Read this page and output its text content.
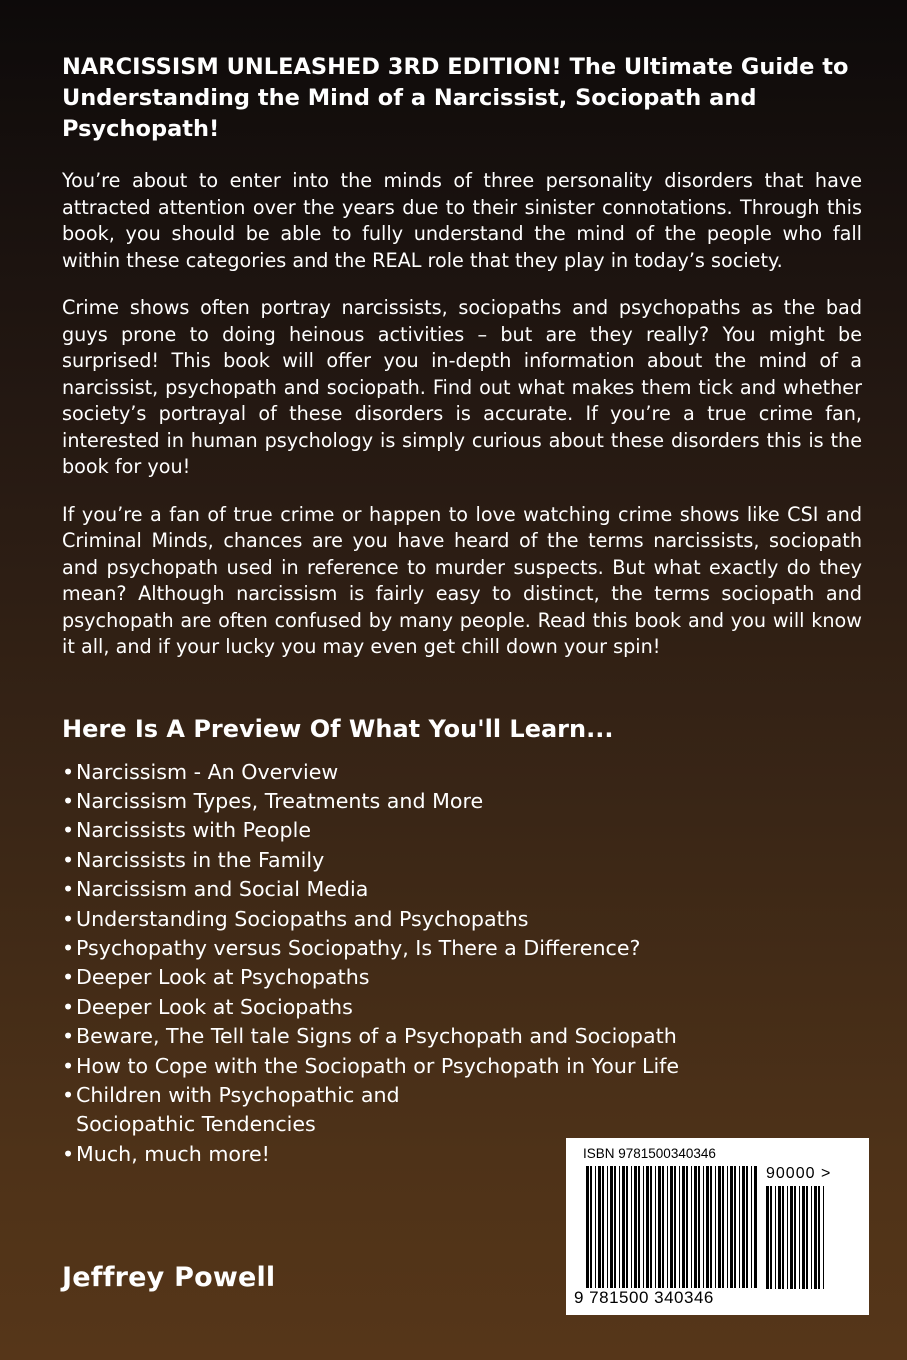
NARCISSISM UNLEASHED 3RD EDITION! The Ultimate Guide to Understanding the Mind of a Narcissist, Sociopath and Psychopath!

You’re about to enter into the minds of three personality disorders that have attracted attention over the years due to their sinister connotations. Through this book, you should be able to fully understand the mind of the people who fall within these categories and the REAL role that they play in today’s society.

Crime shows often portray narcissists, sociopaths and psychopaths as the bad guys prone to doing heinous activities – but are they really? You might be surprised! This book will offer you in-depth information about the mind of a narcissist, psychopath and sociopath. Find out what makes them tick and whether society’s portrayal of these disorders is accurate. If you’re a true crime fan, interested in human psychology is simply curious about these disorders this is the book for you!

If you’re a fan of true crime or happen to love watching crime shows like CSI and Criminal Minds, chances are you have heard of the terms narcissists, sociopath and psychopath used in reference to murder suspects. But what exactly do they mean? Although narcissism is fairly easy to distinct, the terms sociopath and psychopath are often confused by many people. Read this book and you will know it all, and if your lucky you may even get chill down your spin!

Here Is A Preview Of What You'll Learn...
• Narcissism - An Overview
• Narcissism Types, Treatments and More
• Narcissists with People
• Narcissists in the Family
• Narcissism and Social Media
• Understanding Sociopaths and Psychopaths
• Psychopathy versus Sociopathy, Is There a Difference?
• Deeper Look at Psychopaths
• Deeper Look at Sociopaths
• Beware, The Tell tale Signs of a Psychopath and Sociopath
• How to Cope with the Sociopath or Psychopath in Your Life
• Children with Psychopathic and Sociopathic Tendencies
• Much, much more!
Jeffrey Powell
ISBN 9781500340346
90000 >
9 781500 340346
